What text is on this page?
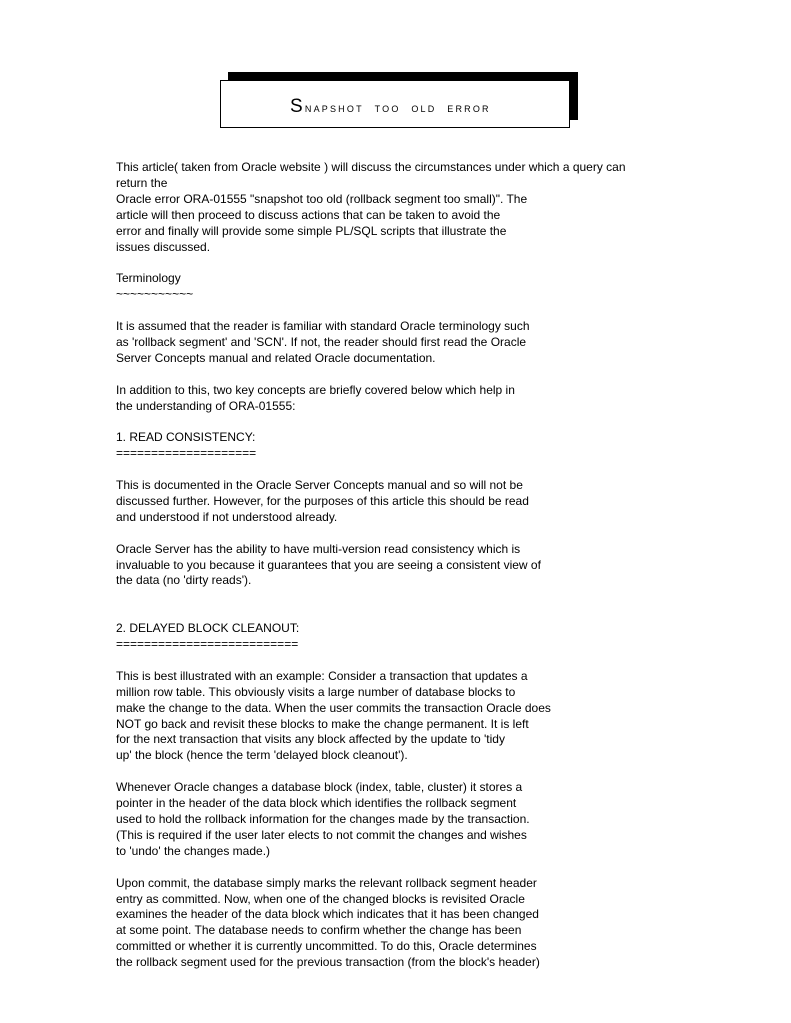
Snapshot too old error
This article( taken from Oracle website ) will discuss the circumstances under which a query can
return the
Oracle error ORA-01555 "snapshot too old (rollback segment too small)". The
article will then proceed to discuss actions that can be taken to avoid the
error and finally will provide some simple PL/SQL scripts that illustrate the
issues discussed.
Terminology
~~~~~~~~~~~
It is assumed that the reader is familiar with standard Oracle terminology such
as 'rollback segment' and 'SCN'. If not, the reader should first read the Oracle
Server Concepts manual and related Oracle documentation.
In addition to this, two key concepts are briefly covered below which help in
the understanding of ORA-01555:
1. READ CONSISTENCY:
====================
This is documented in the Oracle Server Concepts manual and so will not be
discussed further. However, for the purposes of this article this should be read
and understood if not understood already.
Oracle Server has the ability to have multi-version read consistency which is
invaluable to you because it guarantees that you are seeing a consistent view of
the data (no 'dirty reads').
2. DELAYED BLOCK CLEANOUT:
==========================
This is best illustrated with an example: Consider a transaction that updates a
million row table. This obviously visits a large number of database blocks to
make the change to the data. When the user commits the transaction Oracle does
NOT go back and revisit these blocks to make the change permanent. It is left
for the next transaction that visits any block affected by the update to 'tidy
up' the block (hence the term 'delayed block cleanout').
Whenever Oracle changes a database block (index, table, cluster) it stores a
pointer in the header of the data block which identifies the rollback segment
used to hold the rollback information for the changes made by the transaction.
(This is required if the user later elects to not commit the changes and wishes
to 'undo' the changes made.)
Upon commit, the database simply marks the relevant rollback segment header
entry as committed. Now, when one of the changed blocks is revisited Oracle
examines the header of the data block which indicates that it has been changed
at some point. The database needs to confirm whether the change has been
committed or whether it is currently uncommitted. To do this, Oracle determines
the rollback segment used for the previous transaction (from the block's header)
